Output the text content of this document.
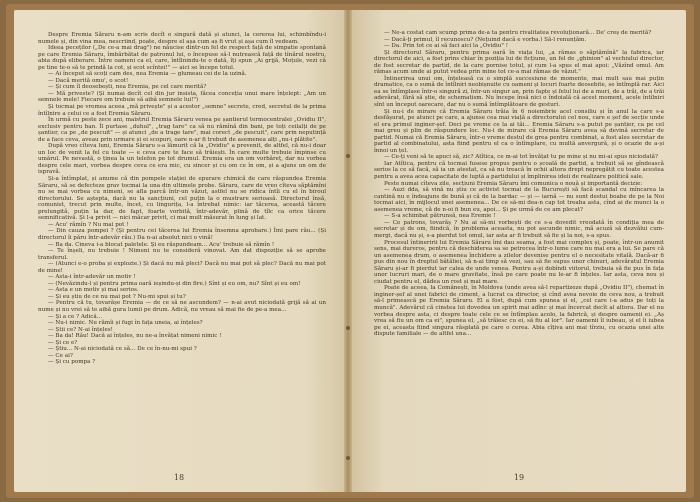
Despre Eremia Săraru n-am scris decît o singură dată și atunci, la cererea lui, schimbîndu-i numele și, din vina mea, nescriind, poate, despre el așa cum aș fi vrut și așa cum îl vedeam.

Ideea peceților („De ce-a mai drag") ne năucise dintr-un fel de respect față de simpatie spontană pe care Eremia Săraru, îmbărbătat de patronul lui, o începuse să-l nutrească față de tînărul nostru, abia după eliberare. Între oameni ca el, care, întîlnindu-te o dată, îți spun „Ai grijă, Moțule, vezi că pe tine te-o să te prindă la cot, și scot scîntei!" — aici se începe totul.

— Ai început să scoți cam des, nea Eremia — glumeau cei de la uzină.

— Dacă merită omu', o scot!

— Și cum îl deosebești, nea Eremia, pe cel care merită?

— Mă priveste? (Și numai decît cel din jur insista, făcea conceția unui mare înțelept: „Am un semnele mele! Fiecare om trebuie să aibă semnele lui!")

Și tocmai pe vremea aceea „mă privește" și a acestor „semne" secrete, cred, secretul de la prima întîlnire a celui ce a fost Eremia Săraru.

În urmă cu peste zece ani, maistrul Eremia Săraru venea pe șantierul termocentralei „Ovidiu II", exclusiv pentru ban. Îl purtase „duhul", „trag tare" ca să nu rămînă din bani, pe toți ceilalți de pe șantier, ca pe „de pescuit" — și atunci „de a trage tare", mai corect „de pescuit", care prin neputință de a face ceva, aveau prin urmare și ei scopuri, oare n-ar fi trebuit de asemenea alți „nu-i plătite".

După vreo cîteva luni, Eremia Săraru s-a lămurit că la „Ovidiu" a prevenit, de altfel, că nu-i doar un loc de venit la fel cu toate — e ceva care te face să trăiești. În care multe trebuie împinse cu umărul. Pe nevastă, o ținea la un telefon pe tot drumul. Eremia era un om vorbăreț, dar nu vorbea despre cele mari, vorbea despre ceva ce era mic, cu sincer și cu om ce în om, și a ajuns un om de ispravă.

Și-a întîmplat, și anume că din pompele stației de epurare chimică de care răspundea Eremia Săraru, să se defecteze grav tocmai la una din ultimele probe. Săraru, care de vreo cîteva săptămîni nu se mai vorbea cu nimeni, se afla parcă într-un văzut, astfel nu se ridica întîi cu el în biroul directorului. Se aștepta, dacă nu la sancțiuni, cel puțin la o mustrare serioasă. Directorul însă, comunist, trecut prin multe, încet, cu lingurița, l-a întrebat nimic: iar tăcerea, această tăcere prelungită, puțin la dar, de fapt, foarte vorbită, într-adevăr, plină de tîlc ca orice tăcere semnificativă. Și l-a privit — nici măcar privit, ci mai mult măsurat în lung și lat.

— Acu' rămîn ? Nu mai pot !

— Din cauza pompei ? (Și pentru cei tăcerea lui Eremia însemna aprobare.) Îmi pare rău... (Și directorul îi păru într-adevăr rău.) Da n-ai absolut nici o vină!

— Ba da. Cineva i-a blocat paletele. Și eu răspundeam... Acu' trebuie să rămîn !

— Te înșeli, nu trebuie ! Nimeni nu te consideră vinovat. Am dat dispoziție să se aprobe transferul.

— (Atunci e-o proba și explozie.) Și dacă nu mă pleci? Dacă nu mai pot să plec? Dacă nu mai pot de mine!

— Asta-i într-adevăr un motiv !

— (Nevăzindu-l și pentru prima oară ieșindu-și din fire.) Sînt și eu om, nu? Sînt și eu om!

— Asta e un motiv și mai serios.

— Și eu știu de ce nu mai pot ? Nu-mi spui și tu?

— Pentru că tu, tovarășe Eremia — de ce să ne ascundem? — n-ai avut niciodată grijă să ai un nume și nu vrei să te aibă gura lumii pe drum. Adică, nu vreau să mai fie de pe-a mea...

— Și a ce ? Adică...

— Nu-i nimic. Nu rămîi și fugi în fața uneia, ai înțeles?

— Știi ce? N-ai înțeles!

— Ba da! Rău! Dacă ai înțeles, nu ne-a învățat nimeni nimic !

— Și ce e?

— Știu... N-ai niciodată ce să... De ce în-nu-mi spui ?

— Ce ai?

— Și cu pompa ?

18

— Ne-a costat cam scump prima de-a ta pentru rivalitatea revoluționară... De' creș de merită?

— Dacă-ți primul, îl recunoscu? (Nețuind dacă e vorba.) Să-l renunțăm.

— Da. Prin tot ce ai să faci aici la „Ovidiu" !

Și directorul Săraru, pentru prima oară în viața lui, „a rămas o săptămînă" la fabrica, iar directorul de aici, a fost prins chiar în poziția lui de ficțiune, un fel de „ghinion" al vechiului director, de fost secretar de partid, de la care pornise totul, și cum l-a spus el mai apoi: „Văzînd omul. Am rămas acum unde ai putut vedea prin mine tot ce-a mai rămas de văzut."

Întinerirea unui om, înțeleasă ca o simplă succesiune de momente, mai mult sau mai puțin dramatice, ca o sumă de întîlniri neobișnuite cu oameni și locuri foarte deosebite, se întîmplă rar. Aici ea se întîmplase într-o singură zi, într-un singur an, prin fapte și felul lui de a muri, de a trăi, de a trăi adevărat, fără să știe, de schematism. Nu începe însă nici o îndoială că acest moment, acele întîlniri sînt un început oarecare, dar nu o sumă întîmplătoare de gesturi.

Și nu-i de mirare că Eremia Săraru trăia în 6 noiembrie acel consiliu și în anul la care s-a desfășurat, pe atunci pe care, a ajunse cea mai viață a directorului cel nou, care e șef de secție unde el era primul inginer-șef. Deci pe vreme ce la ai tăi... Eremia Săraru s-a putut pe șantier, ca pe cel mai greu și plin de răspundere loc. Nu-i de mirare că Eremia Săraru avea să devină secretar de partid. Numai că Eremia Săraru, într-o vreme destul de grea pentru combinat, a fost ales secretar de partid al combinatului, asta fiind pentru el ca o întîmplare, cu multă anvergură, și o ocazie de a-și înnoi un țel.

— Ce-ți veni să te apuci să, zic? Atîtica, ce m-ai tot învățat tu pe mine și nu mi-ai spus niciodată?

Iar Atîtica, pentru că tocmai fusese propus pentru o școală de partid, a trebuit să se gîndească serios la ce să facă, să ia un atestat, ca să nu treacă în ochii altora drept nepregătit cu toate acestea pentru a avea acea capacitate de luptă a partidului și împlinirea ideii de realizare politică sale.

Peste numai cîteva zile, secțiuni Eremia Săraru îmi comunica o nouă și importantă decizie:

— Auzi dda, să vină nu știu ce activist tocmai de la București să facă scandal cu mîncarea la cantină nu e îndeajuns de bună și că de la bardac — și — iarnă — nu sunt destui boabe de pe la Noi tocmai aici, în mijlocul unei asemenea... De ce să-mi dea-n cap tot treaba asta, cînd ai de munci la o asemenea vreme, că de n-oi fi bun eu, apoi... Și pe urmă de ce am plecat?

— S-a schimbat pătrunsă, nea Eremie !

— Ce patrons, tovarăș ? Nu ai să-mi vorbești de ce s-a dovedit vreodată în condiția mea de secretar și de om, fiindcă, în problema aceasta, nu pot ascunde nimic, mă acuză să dezvălui cum-mergi, dacă nu și, s-a pierdut tot omul, iar asta ar fi trebuit să fie și la noi, s-a spus.

Procesul întineririi lui Eremia Săraru îmi dau seama, a fost mai complex și, poate, într-un anumit sens, mai dureros, pentru că deschiderea sa se petrecea într-o lume care nu mai era a lui. Se pare că un asemenea drum, o asemenea închidere a zilelor devenise pentru el o necesitate vitală. Dacă-ar fi pus din nou în dreptul bătăliei, să n-ai timp să vezi, sau să fie supus unor chinuri, adevăratul Eremia Săraru și-ar fi pierdut iar calea de unde venea. Pentru a-și dobîndi viitorul, trebuia să fie pus în fața unor lucruri mari, de o mare gravitate, însă pe care poate nu le-ar fi înțeles. Iar asta, ceva nou și ciudat pentru el, dădea un rost și mai mare.

Poate de aceea, la Comănești, în Moldova (unde avea să-l repartizeze după „Ovidiu II"), chemat în inginer-șef al unei fabrici de ciment, a lucrat ca director, și cînd avea nevoie de ceva nou, a trebuit să-l primească pe Eremia Săraru. El a fost, după cum spunea și el, „cel care i-a adus pe toți la muncă". Adevărul că cinstea lui dovedea un spirit mai adînc și mai încercat decît al altora. Dar el nu vorbea despre asta, ci despre toate cele ce se întîmplau acolo, la fabrică, și despre oamenii ei. „Aș vrea să fiu un om ca ei", spunea el, „să trăiesc cu ei, să fiu al lor". Iar oamenii îl iubeau, și el îi iubea pe ei, aceasta fiind singura răsplată pe care o cerea. Abia cîțiva ani mai tîrziu, cu ocazia unei alte dispute familiale — de altfel una...

19
